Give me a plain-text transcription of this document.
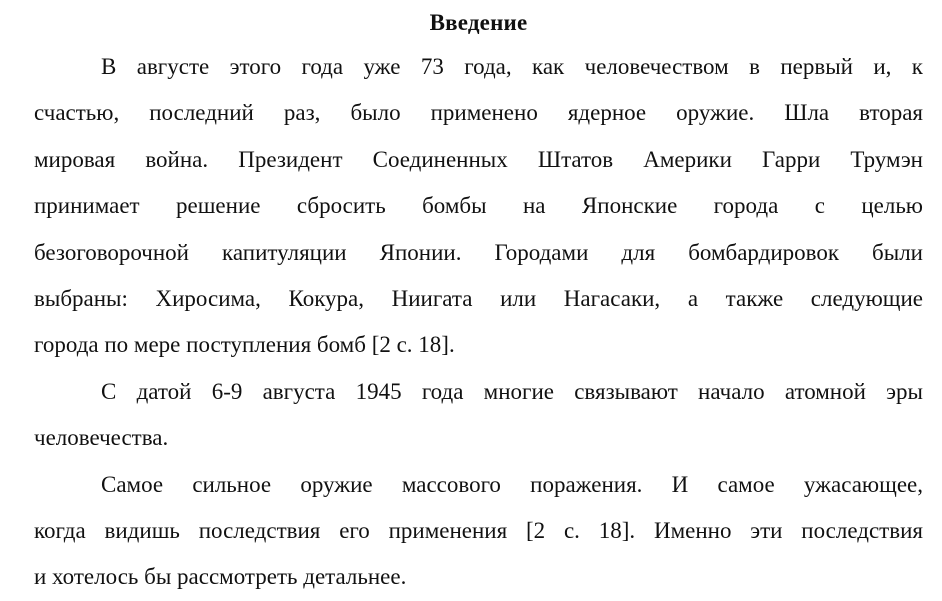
Введение
В августе этого года уже 73 года, как человечеством в первый и, к
счастью, последний раз, было применено ядерное оружие. Шла вторая
мировая война. Президент Соединенных Штатов Америки Гарри Трумэн
принимает решение сбросить бомбы на Японские города с целью
безоговорочной капитуляции Японии. Городами для бомбардировок были
выбраны: Хиросима, Кокура, Ниигата или Нагасаки, а также следующие
города по мере поступления бомб [2 с. 18].
С датой 6-9 августа 1945 года многие связывают начало атомной эры
человечества.
Самое сильное оружие массового поражения. И самое ужасающее,
когда видишь последствия его применения [2 с. 18]. Именно эти последствия
и хотелось бы рассмотреть детальнее.
